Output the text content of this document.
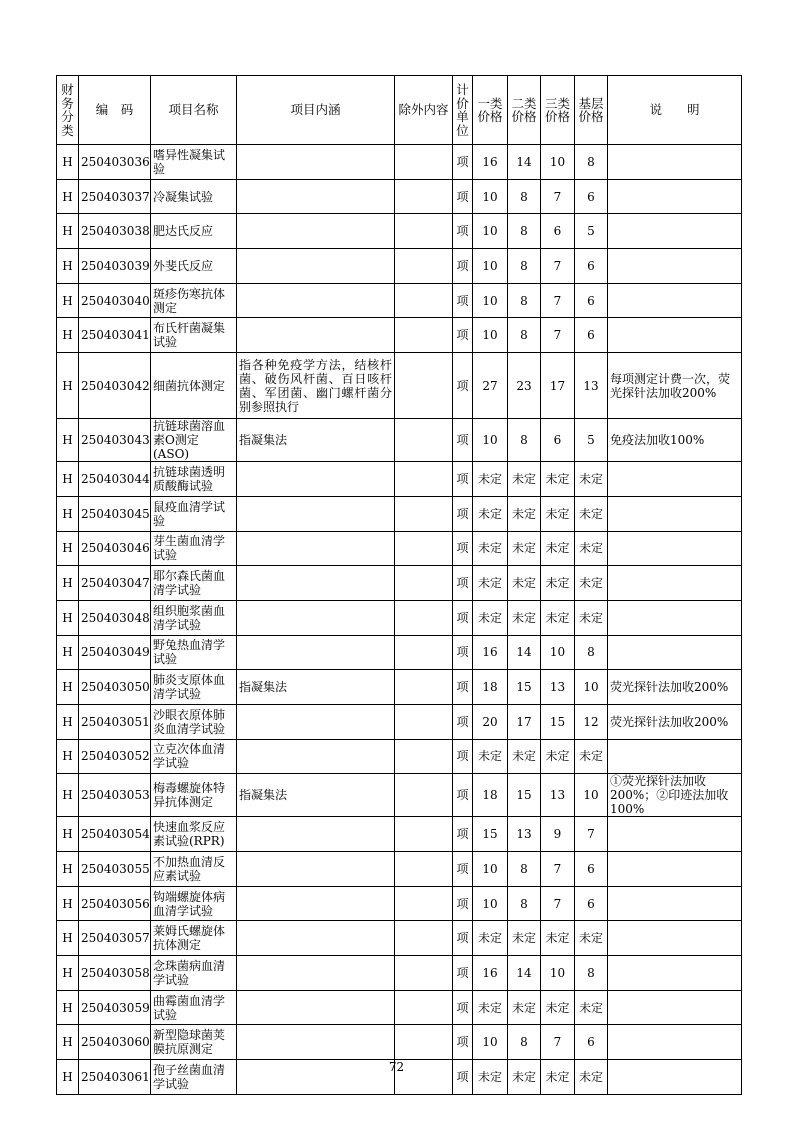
财务分类	编　码	项目名称	项目内涵	除外内容	计价单位	一类价格	二类价格	三类价格	基层价格	说　　明
H	250403036	嗜异性凝集试验			项	16	14	10	8	
H	250403037	冷凝集试验			项	10	8	7	6	
H	250403038	肥达氏反应			项	10	8	6	5	
H	250403039	外斐氏反应			项	10	8	7	6	
H	250403040	斑疹伤寒抗体测定			项	10	8	7	6	
H	250403041	布氏杆菌凝集试验			项	10	8	7	6	
H	250403042	细菌抗体测定	指各种免疫学方法，结核杆菌、破伤风杆菌、百日咳杆菌、军团菌、幽门螺杆菌分别参照执行		项	27	23	17	13	每项测定计费一次，荧光探针法加收200%
H	250403043	抗链球菌溶血素O测定(ASO)	指凝集法		项	10	8	6	5	免疫法加收100%
H	250403044	抗链球菌透明质酸酶试验			项	未定	未定	未定	未定	
H	250403045	鼠疫血清学试验			项	未定	未定	未定	未定	
H	250403046	芽生菌血清学试验			项	未定	未定	未定	未定	
H	250403047	耶尔森氏菌血清学试验			项	未定	未定	未定	未定	
H	250403048	组织胞浆菌血清学试验			项	未定	未定	未定	未定	
H	250403049	野兔热血清学试验			项	16	14	10	8	
H	250403050	肺炎支原体血清学试验	指凝集法		项	18	15	13	10	荧光探针法加收200%
H	250403051	沙眼衣原体肺炎血清学试验			项	20	17	15	12	荧光探针法加收200%
H	250403052	立克次体血清学试验			项	未定	未定	未定	未定	
H	250403053	梅毒螺旋体特异抗体测定	指凝集法		项	18	15	13	10	①荧光探针法加收200%；②印迹法加收100%
H	250403054	快速血浆反应素试验(RPR)			项	15	13	9	7	
H	250403055	不加热血清反应素试验			项	10	8	7	6	
H	250403056	钩端螺旋体病血清学试验			项	10	8	7	6	
H	250403057	莱姆氏螺旋体抗体测定			项	未定	未定	未定	未定	
H	250403058	念珠菌病血清学试验			项	16	14	10	8	
H	250403059	曲霉菌血清学试验			项	未定	未定	未定	未定	
H	250403060	新型隐球菌荚膜抗原测定			项	10	8	7	6	
H	250403061	孢子丝菌血清学试验			项	未定	未定	未定	未定	
72
